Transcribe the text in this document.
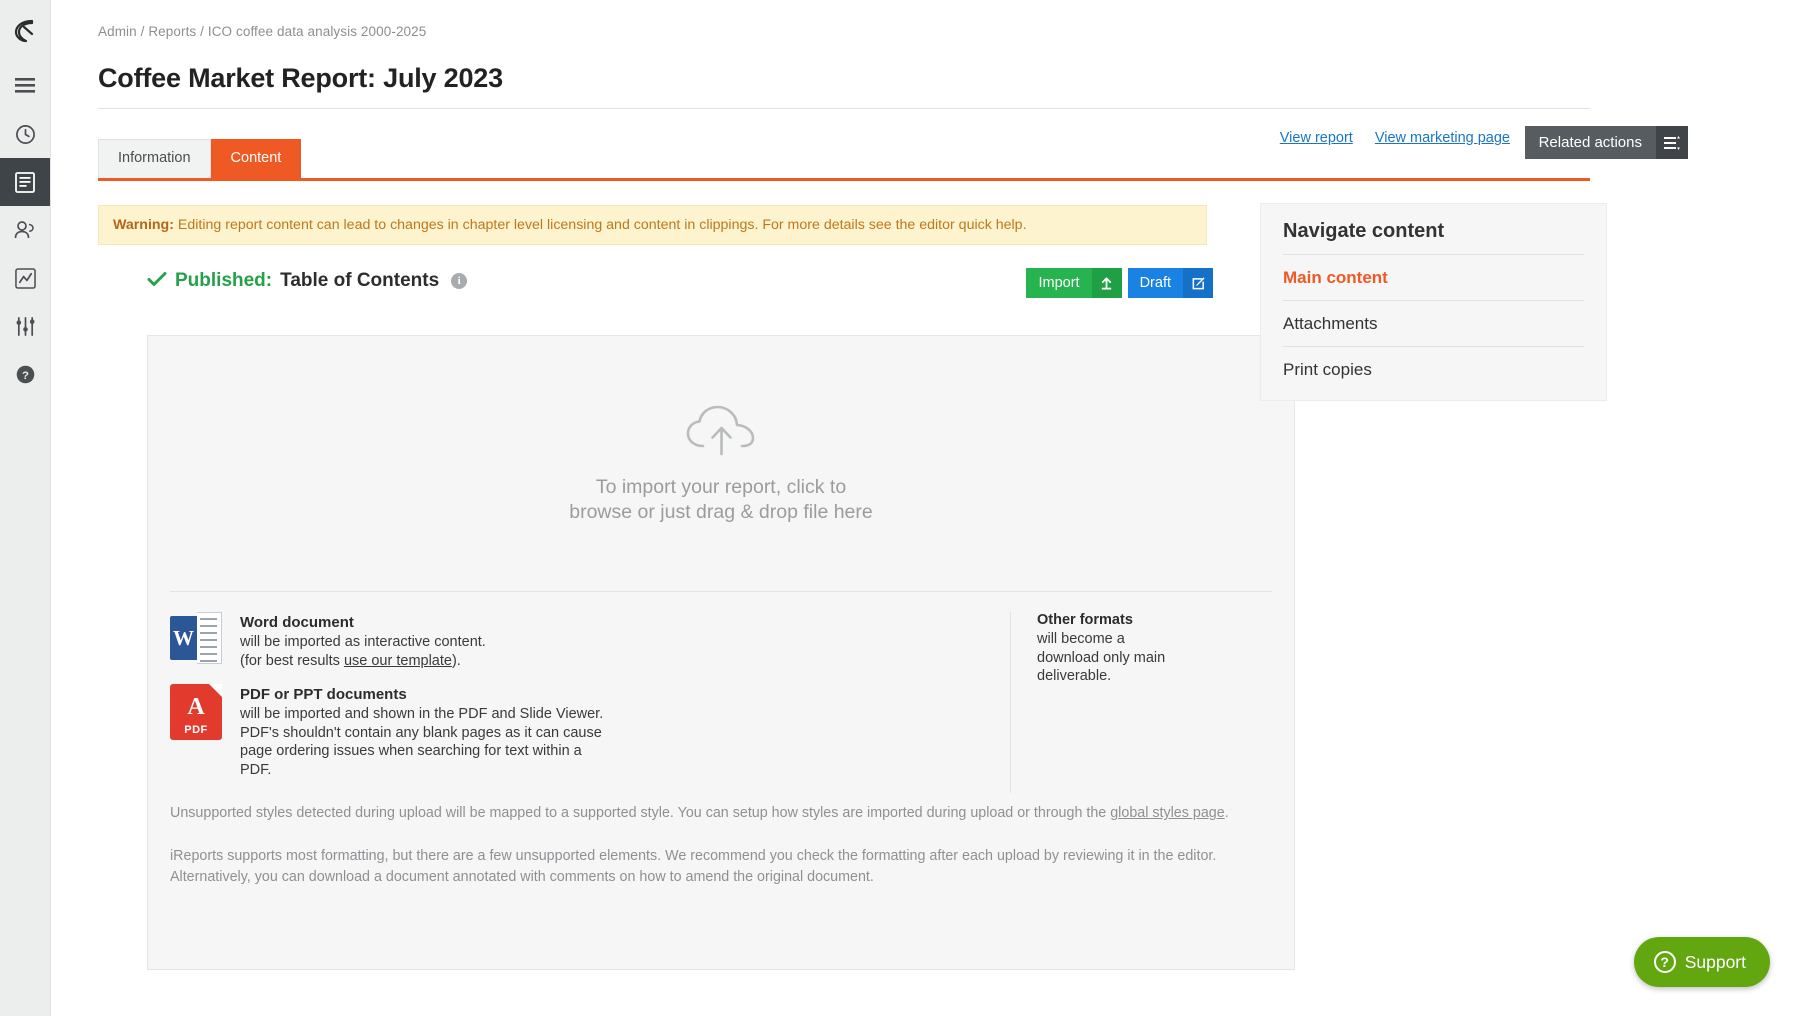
?
Admin / Reports / ICO coffee data analysis 2000-2025
Coffee Market Report: July 2023
Information	Content
View report View marketing page	Related actions
Warning: Editing report content can lead to changes in chapter level licensing and content in clippings. For more details see the editor quick help.
Published: Table of Contents	i	Import	Draft
To import your report, click to
browse or just drag & drop file here
W
Word document
will be imported as interactive content.
(for best results use our template).
A
PDF
PDF or PPT documents
will be imported and shown in the PDF and Slide Viewer.
PDF's shouldn't contain any blank pages as it can cause
page ordering issues when searching for text within a
PDF.
Other formats
will become a
download only main
deliverable.

Unsupported styles detected during upload will be mapped to a supported style. You can setup how styles are imported during upload or through the global styles page.

iReports supports most formatting, but there are a few unsupported elements. We recommend you check the formatting after each upload by reviewing it in the editor. Alternatively, you can download a document annotated with comments on how to amend the original document.

Navigate content
Main content
Attachments
Print copies
? Support
